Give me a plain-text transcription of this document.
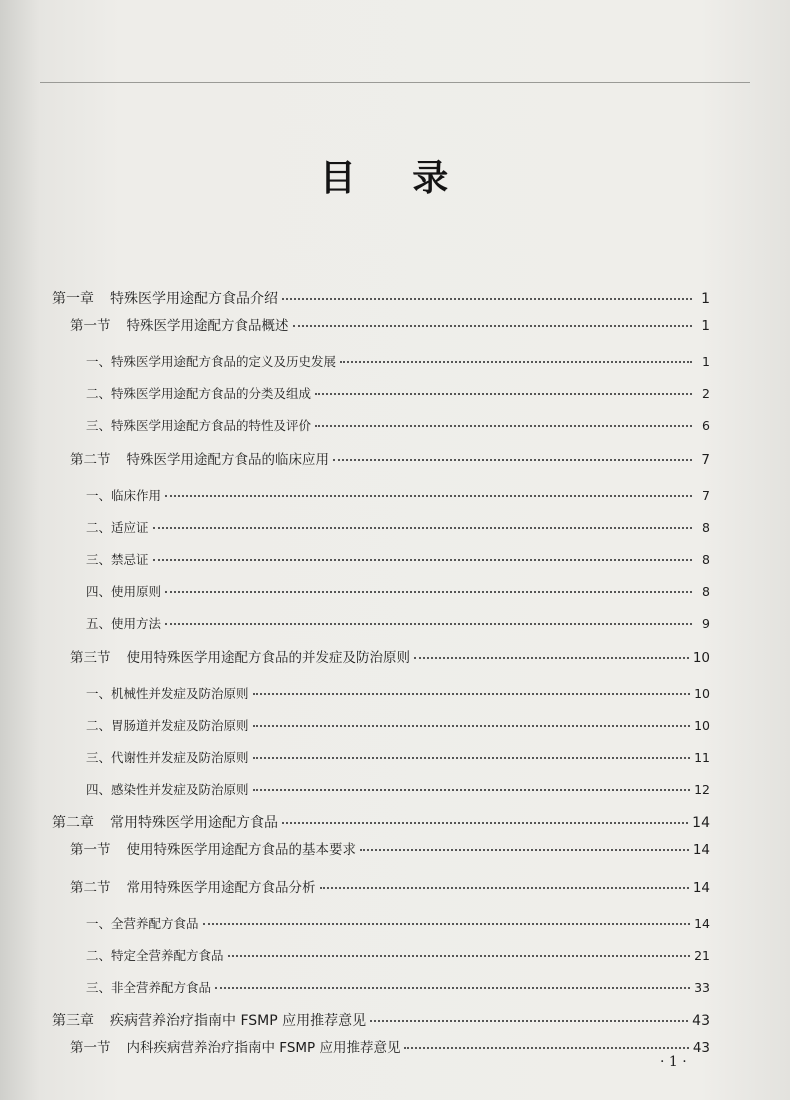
目 录
第一章 特殊医学用途配方食品介绍	1
第一节 特殊医学用途配方食品概述	1
一、特殊医学用途配方食品的定义及历史发展	1
二、特殊医学用途配方食品的分类及组成	2
三、特殊医学用途配方食品的特性及评价	6
第二节 特殊医学用途配方食品的临床应用	7
一、临床作用	7
二、适应证	8
三、禁忌证	8
四、使用原则	8
五、使用方法	9
第三节 使用特殊医学用途配方食品的并发症及防治原则	10
一、机械性并发症及防治原则	10
二、胃肠道并发症及防治原则	10
三、代谢性并发症及防治原则	11
四、感染性并发症及防治原则	12
第二章 常用特殊医学用途配方食品	14
第一节 使用特殊医学用途配方食品的基本要求	14
第二节 常用特殊医学用途配方食品分析	14
一、全营养配方食品	14
二、特定全营养配方食品	21
三、非全营养配方食品	33
第三章 疾病营养治疗指南中 FSMP 应用推荐意见	43
第一节 内科疾病营养治疗指南中 FSMP 应用推荐意见	43
· 1 ·
